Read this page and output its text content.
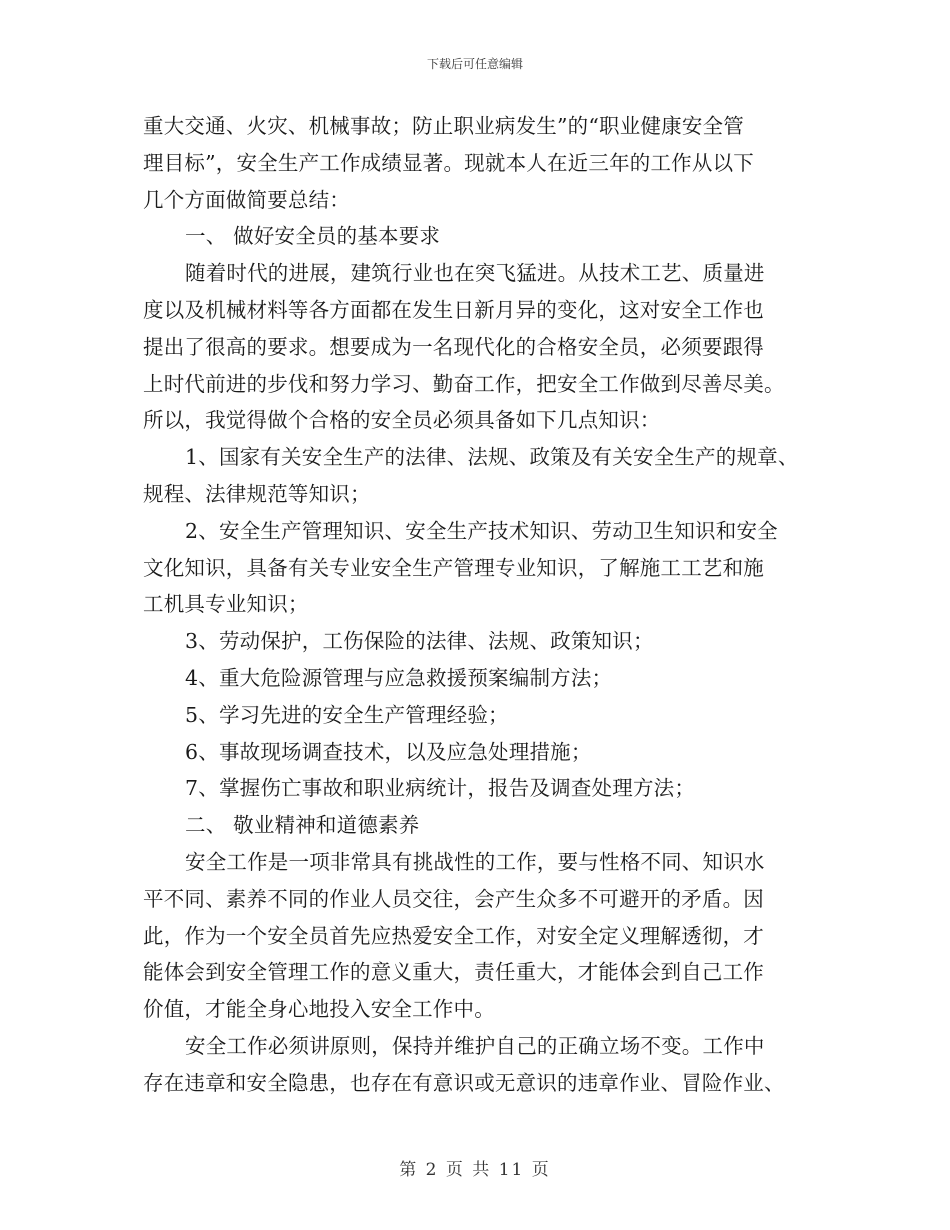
下载后可任意编辑
重大交通、火灾、机械事故；防止职业病发生”的“职业健康安全管
理目标”，安全生产工作成绩显著。现就本人在近三年的工作从以下
几个方面做简要总结：
一、 做好安全员的基本要求
随着时代的进展，建筑行业也在突飞猛进。从技术工艺、质量进
度以及机械材料等各方面都在发生日新月异的变化，这对安全工作也
提出了很高的要求。想要成为一名现代化的合格安全员，必须要跟得
上时代前进的步伐和努力学习、勤奋工作，把安全工作做到尽善尽美。
所以，我觉得做个合格的安全员必须具备如下几点知识：
1、国家有关安全生产的法律、法规、政策及有关安全生产的规章、
规程、法律规范等知识；
2、安全生产管理知识、安全生产技术知识、劳动卫生知识和安全
文化知识，具备有关专业安全生产管理专业知识，了解施工工艺和施
工机具专业知识；
3、劳动保护，工伤保险的法律、法规、政策知识；
4、重大危险源管理与应急救援预案编制方法；
5、学习先进的安全生产管理经验；
6、事故现场调查技术，以及应急处理措施；
7、掌握伤亡事故和职业病统计，报告及调查处理方法；
二、 敬业精神和道德素养
安全工作是一项非常具有挑战性的工作，要与性格不同、知识水
平不同、素养不同的作业人员交往，会产生众多不可避开的矛盾。因
此，作为一个安全员首先应热爱安全工作，对安全定义理解透彻，才
能体会到安全管理工作的意义重大，责任重大，才能体会到自己工作
价值，才能全身心地投入安全工作中。
安全工作必须讲原则，保持并维护自己的正确立场不变。工作中
存在违章和安全隐患，也存在有意识或无意识的违章作业、冒险作业、
第 2 页 共 11 页
